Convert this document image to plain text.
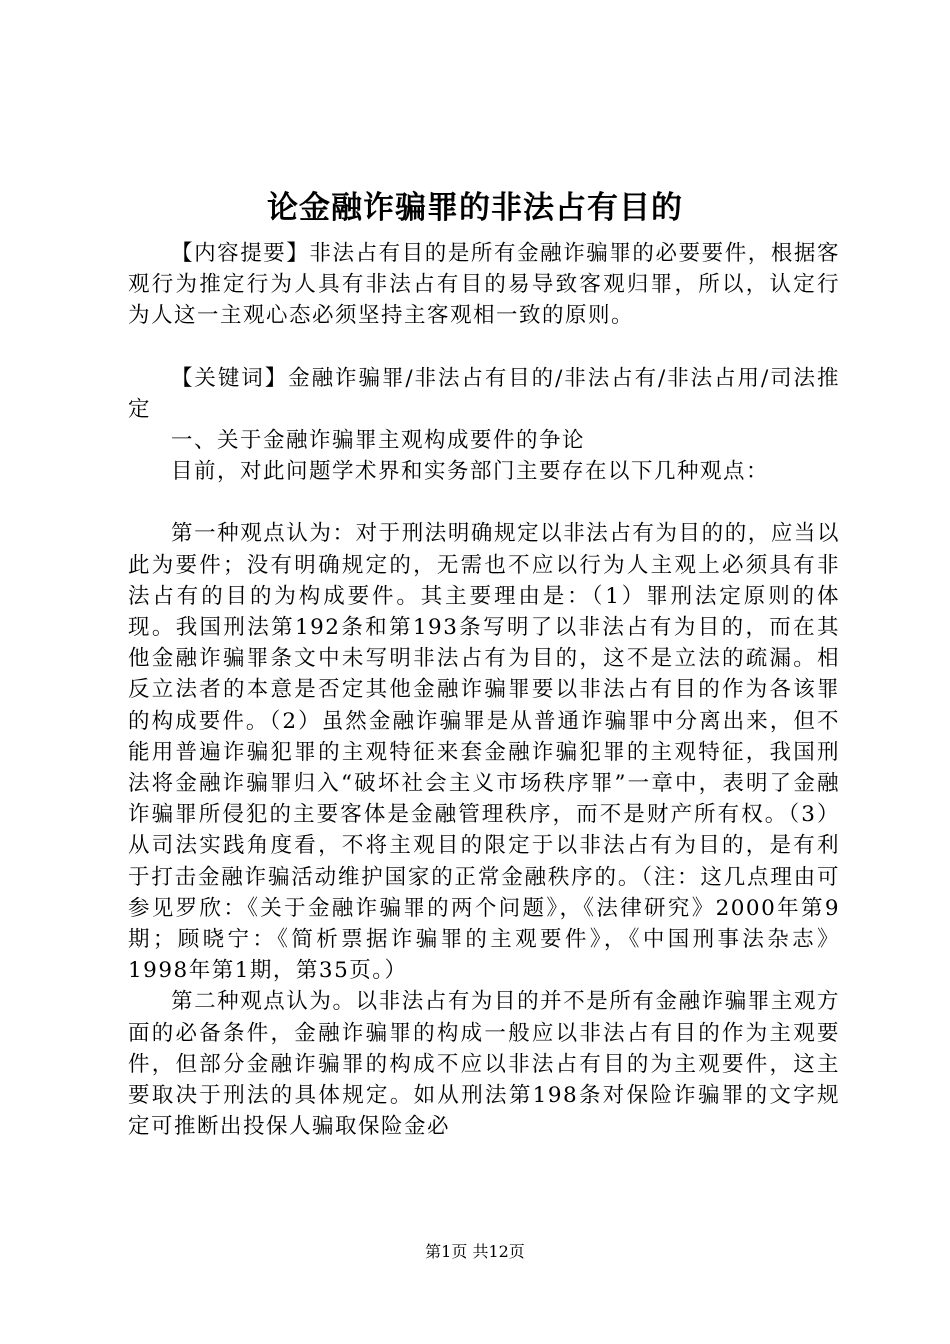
论金融诈骗罪的非法占有目的

【内容提要】非法占有目的是所有金融诈骗罪的必要要件，根据客观行为推定行为人具有非法占有目的易导致客观归罪，所以，认定行为人这一主观心态必须坚持主客观相一致的原则。

【关键词】金融诈骗罪/非法占有目的/非法占有/非法占用/司法推定

一、关于金融诈骗罪主观构成要件的争论

目前，对此问题学术界和实务部门主要存在以下几种观点：

第一种观点认为：对于刑法明确规定以非法占有为目的的，应当以此为要件；没有明确规定的，无需也不应以行为人主观上必须具有非法占有的目的为构成要件。其主要理由是：（1）罪刑法定原则的体现。我国刑法第192条和第193条写明了以非法占有为目的，而在其他金融诈骗罪条文中未写明非法占有为目的，这不是立法的疏漏。相反立法者的本意是否定其他金融诈骗罪要以非法占有目的作为各该罪的构成要件。（2）虽然金融诈骗罪是从普通诈骗罪中分离出来，但不能用普遍诈骗犯罪的主观特征来套金融诈骗犯罪的主观特征，我国刑法将金融诈骗罪归入“破坏社会主义市场秩序罪”一章中，表明了金融诈骗罪所侵犯的主要客体是金融管理秩序，而不是财产所有权。（3）从司法实践角度看，不将主观目的限定于以非法占有为目的，是有利于打击金融诈骗活动维护国家的正常金融秩序的。（注：这几点理由可参见罗欣：《关于金融诈骗罪的两个问题》，《法律研究》2000年第9期；顾晓宁：《简析票据诈骗罪的主观要件》，《中国刑事法杂志》1998年第1期，第35页。）

第二种观点认为。以非法占有为目的并不是所有金融诈骗罪主观方面的必备条件，金融诈骗罪的构成一般应以非法占有目的作为主观要件，但部分金融诈骗罪的构成不应以非法占有目的为主观要件，这主要取决于刑法的具体规定。如从刑法第198条对保险诈骗罪的文字规定可推断出投保人骗取保险金必

第1页 共12页
